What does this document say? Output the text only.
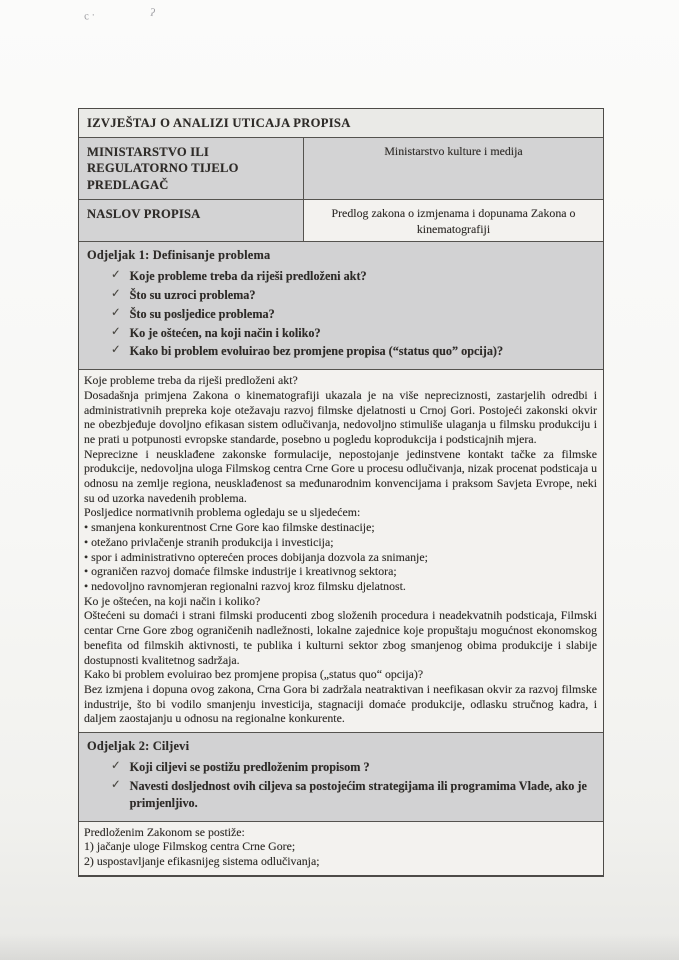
c ·	ʔ
IZVJEŠTAJ O ANALIZI UTICAJA PROPISA
MINISTARSTVO ILI REGULATORNO TIJELO PREDLAGAČ
Ministarstvo kulture i medija
NASLOV PROPISA	Predlog zakona o izmjenama i dopunama Zakona o kinematografiji
Odjeljak 1: Definisanje problema
✓ Koje probleme treba da riješi predloženi akt?
✓ Što su uzroci problema?
✓ Što su posljedice problema?
✓ Ko je oštećen, na koji način i koliko?
✓ Kako bi problem evoluirao bez promjene propisa (“status quo” opcija)?
Koje probleme treba da riješi predloženi akt?
Dosadašnja primjena Zakona o kinematografiji ukazala je na više nepreciznosti, zastarjelih odredbi i administrativnih prepreka koje otežavaju razvoj filmske djelatnosti u Crnoj Gori. Postojeći zakonski okvir ne obezbjeđuje dovoljno efikasan sistem odlučivanja, nedovoljno stimuliše ulaganja u filmsku produkciju i ne prati u potpunosti evropske standarde, posebno u pogledu koprodukcija i podsticajnih mjera.
Neprecizne i neusklađene zakonske formulacije, nepostojanje jedinstvene kontakt tačke za filmske produkcije, nedovoljna uloga Filmskog centra Crne Gore u procesu odlučivanja, nizak procenat podsticaja u odnosu na zemlje regiona, neusklađenost sa međunarodnim konvencijama i praksom Savjeta Evrope, neki su od uzorka navedenih problema.
Posljedice normativnih problema ogledaju se u sljedećem:
• smanjena konkurentnost Crne Gore kao filmske destinacije;
• otežano privlačenje stranih produkcija i investicija;
• spor i administrativno opterećen proces dobijanja dozvola za snimanje;
• ograničen razvoj domaće filmske industrije i kreativnog sektora;
• nedovoljno ravnomjeran regionalni razvoj kroz filmsku djelatnost.
Ko je oštećen, na koji način i koliko?
Oštećeni su domaći i strani filmski producenti zbog složenih procedura i neadekvatnih podsticaja, Filmski centar Crne Gore zbog ograničenih nadležnosti, lokalne zajednice koje propuštaju mogućnost ekonomskog benefita od filmskih aktivnosti, te publika i kulturni sektor zbog smanjenog obima produkcije i slabije dostupnosti kvalitetnog sadržaja.
Kako bi problem evoluirao bez promjene propisa („status quo“ opcija)?
Bez izmjena i dopuna ovog zakona, Crna Gora bi zadržala neatraktivan i neefikasan okvir za razvoj filmske industrije, što bi vodilo smanjenju investicija, stagnaciji domaće produkcije, odlasku stručnog kadra, i daljem zaostajanju u odnosu na regionalne konkurente.
Odjeljak 2: Ciljevi
✓ Koji ciljevi se postižu predloženim propisom ?
✓ Navesti dosljednost ovih ciljeva sa postojećim strategijama ili programima Vlade, ako je primjenljivo.
Predloženim Zakonom se postiže:
1) jačanje uloge Filmskog centra Crne Gore;
2) uspostavljanje efikasnijeg sistema odlučivanja;
